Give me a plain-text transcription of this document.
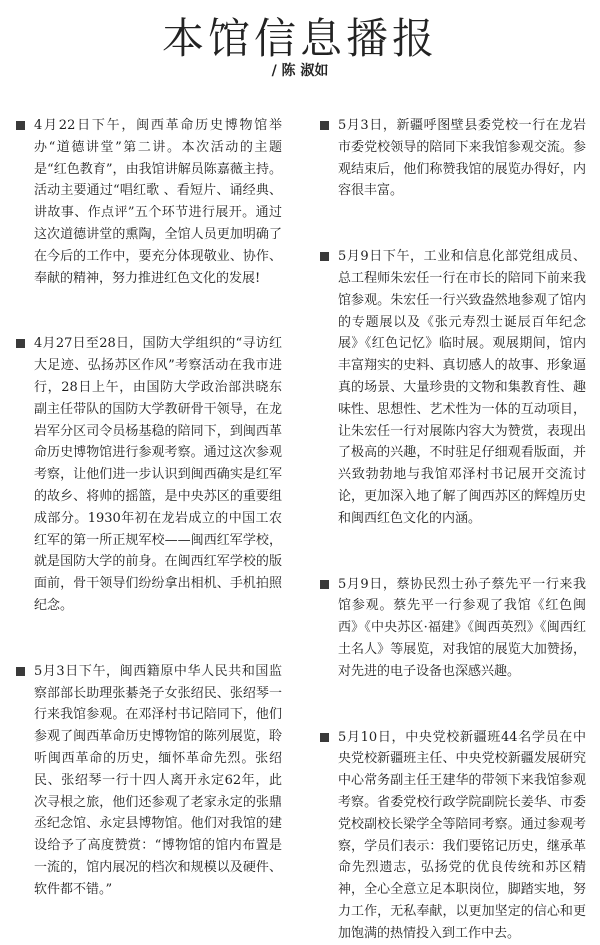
本馆信息播报
/ 陈 淑如
4月22日下午，闽西革命历史博物馆举办“道德讲堂”第二讲。本次活动的主题是“红色教育”，由我馆讲解员陈嘉薇主持。活动主要通过“唱红歌 、看短片、诵经典、讲故事、作点评”五个环节进行展开。通过这次道德讲堂的熏陶，全馆人员更加明确了在今后的工作中，要充分体现敬业、协作、奉献的精神，努力推进红色文化的发展!
4月27日至28日，国防大学组织的“寻访红大足迹、弘扬苏区作风”考察活动在我市进行，28日上午，由国防大学政治部洪晓东副主任带队的国防大学教研骨干领导，在龙岩军分区司令员杨基稳的陪同下，到闽西革命历史博物馆进行参观考察。通过这次参观考察，让他们进一步认识到闽西确实是红军的故乡、将帅的摇篮，是中央苏区的重要组成部分。1930年初在龙岩成立的中国工农红军的第一所正规军校——闽西红军学校，就是国防大学的前身。在闽西红军学校的版面前，骨干领导们纷纷拿出相机、手机拍照纪念。
5月3日下午，闽西籍原中华人民共和国监察部部长助理张綦尧子女张绍民、张绍琴一行来我馆参观。在邓泽村书记陪同下，他们参观了闽西革命历史博物馆的陈列展览，聆听闽西革命的历史，缅怀革命先烈。张绍民、张绍琴一行十四人离开永定62年，此次寻根之旅，他们还参观了老家永定的张鼎丞纪念馆、永定县博物馆。他们对我馆的建设给予了高度赞赏：“博物馆的馆内布置是一流的，馆内展况的档次和规模以及硬件、软件都不错。”
5月3日，新疆呼图壁县委党校一行在龙岩市委党校领导的陪同下来我馆参观交流。参观结束后，他们称赞我馆的展览办得好，内容很丰富。
5月9日下午，工业和信息化部党组成员、总工程师朱宏任一行在市长的陪同下前来我馆参观。朱宏任一行兴致盎然地参观了馆内的专题展以及《张元寿烈士诞辰百年纪念展》《红色记忆》临时展。观展期间，馆内丰富翔实的史料、真切感人的故事、形象逼真的场景、大量珍贵的文物和集教育性、趣味性、思想性、艺术性为一体的互动项目，让朱宏任一行对展陈内容大为赞赏，表现出了极高的兴趣，不时驻足仔细观看版面，并兴致勃勃地与我馆邓泽村书记展开交流讨论，更加深入地了解了闽西苏区的辉煌历史和闽西红色文化的内涵。
5月9日，蔡协民烈士孙子蔡先平一行来我馆参观。蔡先平一行参观了我馆《红色闽西》《中央苏区·福建》《闽西英烈》《闽西红土名人》等展览，对我馆的展览大加赞扬，对先进的电子设备也深感兴趣。
5月10日，中央党校新疆班44名学员在中央党校新疆班主任、中央党校新疆发展研究中心常务副主任王建华的带领下来我馆参观考察。省委党校行政学院副院长姜华、市委党校副校长梁学全等陪同考察。通过参观考察，学员们表示：我们要铭记历史，继承革命先烈遗志，弘扬党的优良传统和苏区精神，全心全意立足本职岗位，脚踏实地，努力工作，无私奉献，以更加坚定的信心和更加饱满的热情投入到工作中去。
